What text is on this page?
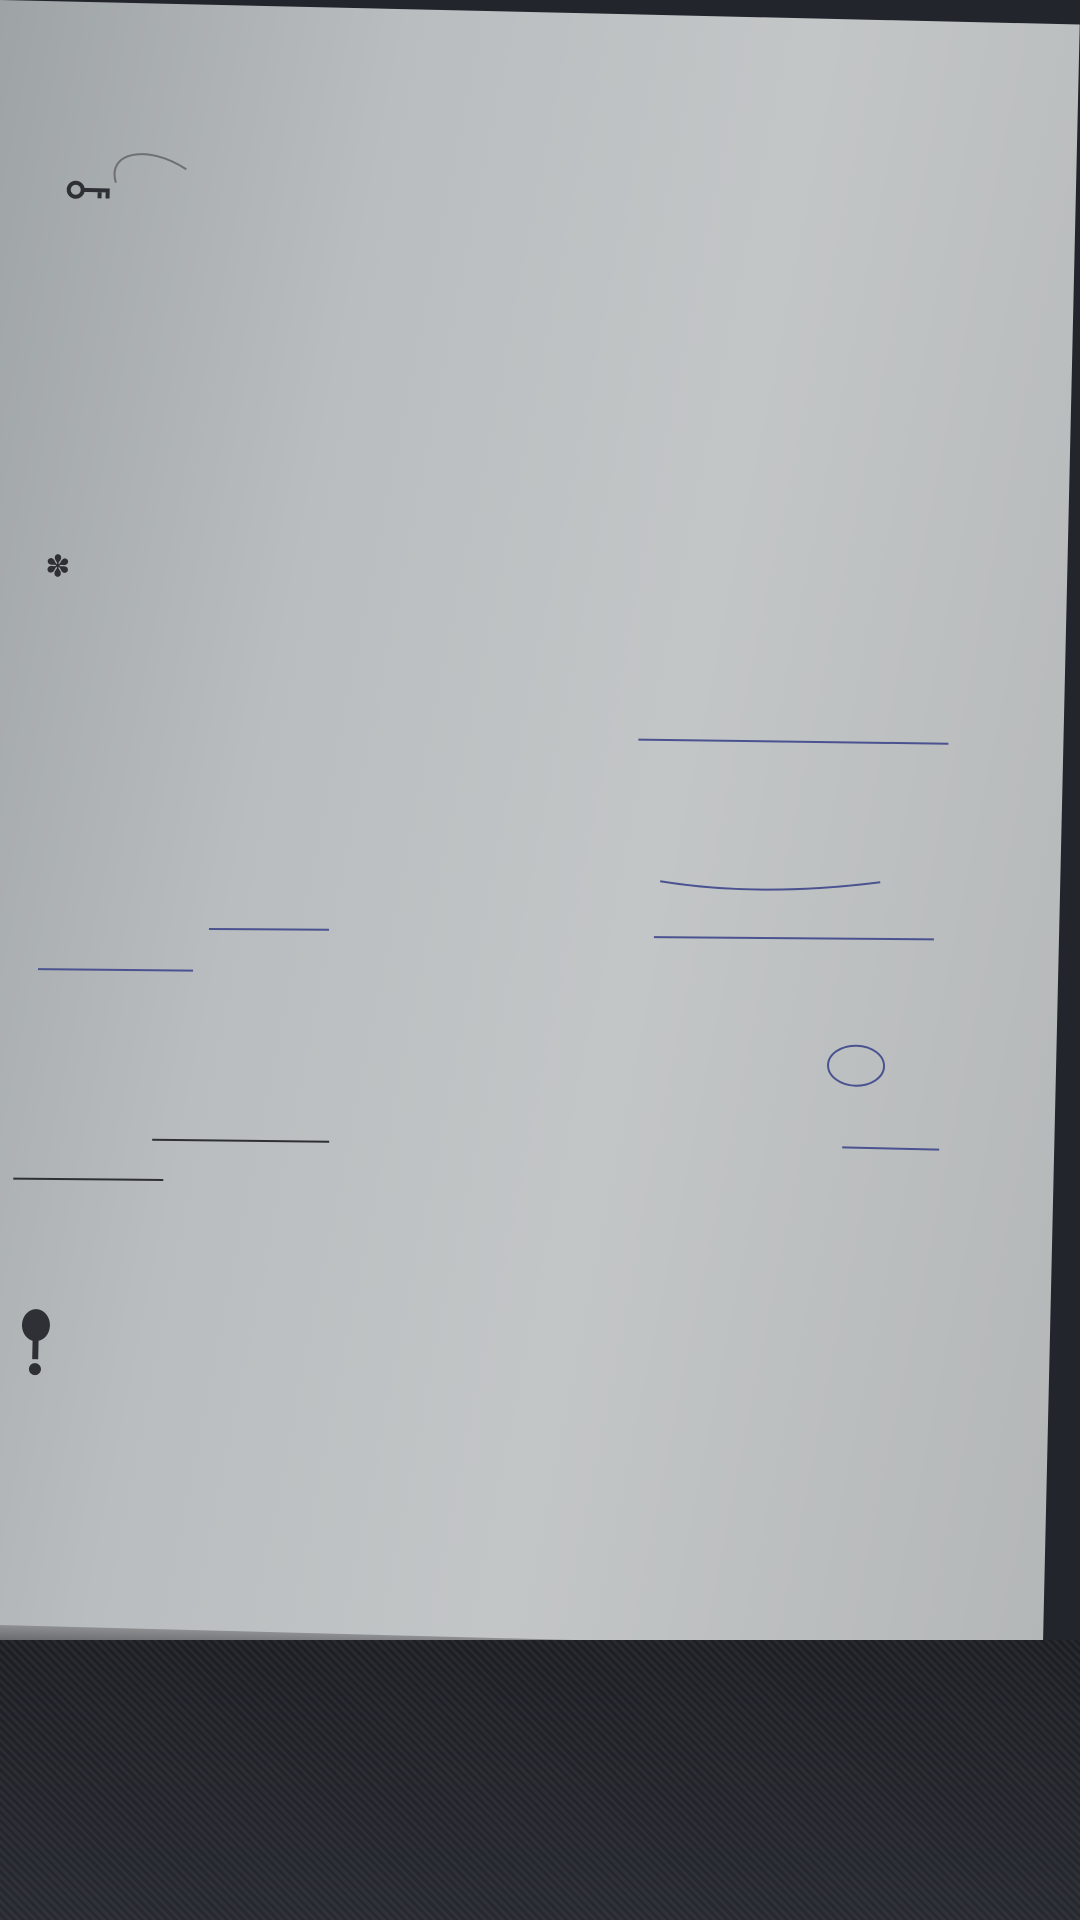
✽
